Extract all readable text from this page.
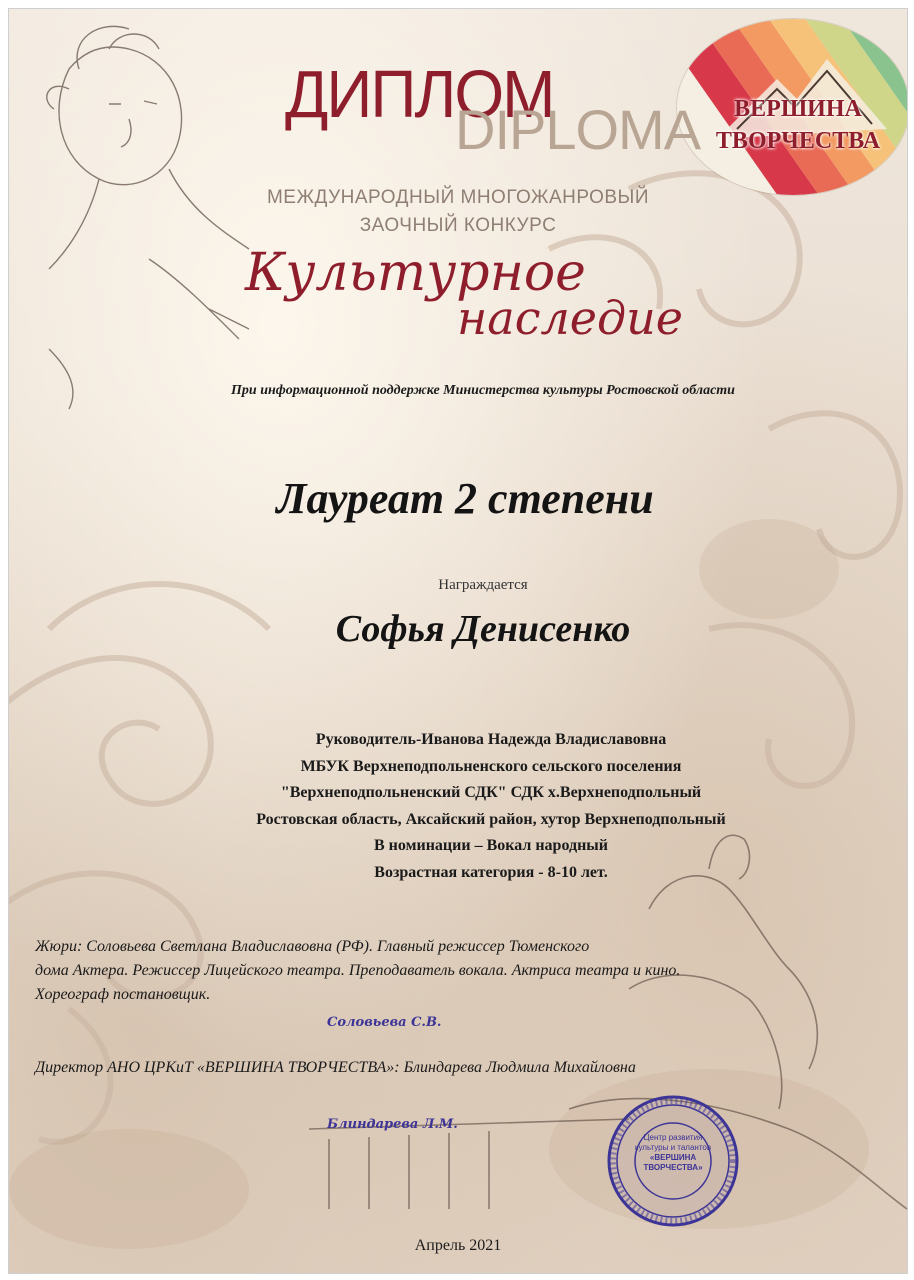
ВЕРШИНА
ТВОРЧЕСТВА
ДИПЛОМ
DIPLOMA
МЕЖДУНАРОДНЫЙ МНОГОЖАНРОВЫЙ
ЗАОЧНЫЙ КОНКУРС
Культурное
наследие
При информационной поддержке Министерства культуры Ростовской области
Лауреат 2 степени
Награждается
Софья Денисенко
Руководитель-Иванова Надежда Владиславовна
МБУК Верхнеподпольненского сельского поселения
"Верхнеподпольненский СДК" СДК х.Верхнеподпольный
Ростовская область, Аксайский район, хутор Верхнеподпольный
В номинации – Вокал народный
Возрастная категория - 8-10 лет.
Жюри: Соловьева Светлана Владиславовна (РФ). Главный режиссер Тюменского
дома Актера. Режиссер Лицейского театра. Преподаватель вокала. Актриса театра и кино.
Хореограф постановщик.
Соловьева С.В.
Директор АНО ЦРКиТ «ВЕРШИНА ТВОРЧЕСТВА»: Блиндарева Людмила Михайловна
Блиндарева Л.М.
Центр развития
культуры и талантов
«ВЕРШИНА
ТВОРЧЕСТВА»
Апрель 2021
